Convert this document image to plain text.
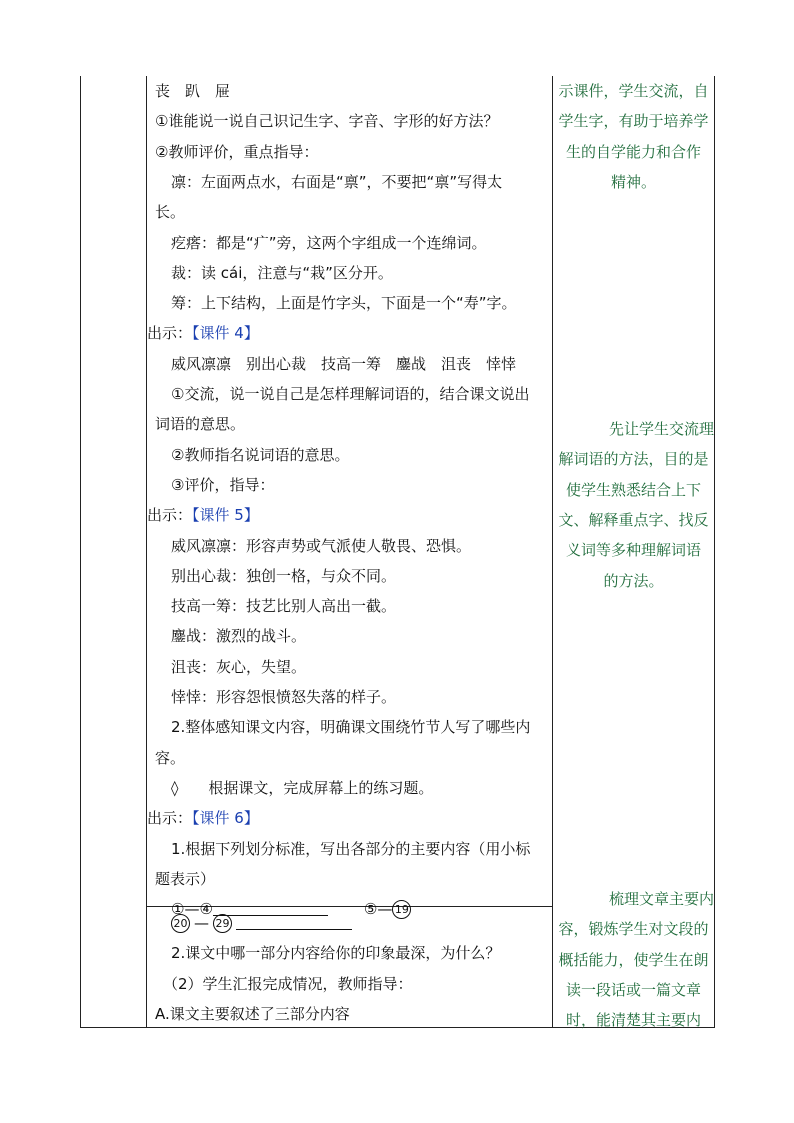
丧　趴　屉
①谁能说一说自己识记生字、字音、字形的好方法？
②教师评价，重点指导：
凛：左面两点水，右面是“禀”，不要把“禀”写得太
长。
疙瘩：都是“疒”旁，这两个字组成一个连绵词。
裁：读 cái，注意与“栽”区分开。
筹：上下结构，上面是竹字头，下面是一个“寿”字。
出示：【课件 4】
威风凛凛　别出心裁　技高一筹　鏖战　沮丧　悻悻
①交流，说一说自己是怎样理解词语的，结合课文说出
词语的意思。
②教师指名说词语的意思。
③评价，指导：
出示：【课件 5】
威风凛凛：形容声势或气派使人敬畏、恐惧。
别出心裁：独创一格，与众不同。
技高一筹：技艺比别人高出一截。
鏖战：激烈的战斗。
沮丧：灰心，失望。
悻悻：形容怨恨愤怒失落的样子。
2.整体感知课文内容，明确课文围绕竹节人写了哪些内
容。
◊　　根据课文，完成屏幕上的练习题。
出示：【课件 6】
1.根据下列划分标准，写出各部分的主要内容（用小标
题表示）
①—④	⑤— 19
20 — 29
2.课文中哪一部分内容给你的印象最深，为什么？
（2）学生汇报完成情况，教师指导：
A.课文主要叙述了三部分内容
示课件，学生交流，自
学生字，有助于培养学
生的自学能力和合作
精神。
先让学生交流理
解词语的方法，目的是
使学生熟悉结合上下
文、解释重点字、找反
义词等多种理解词语
的方法。
梳理文章主要内
容，锻炼学生对文段的
概括能力，使学生在朗
读一段话或一篇文章
时，能清楚其主要内
